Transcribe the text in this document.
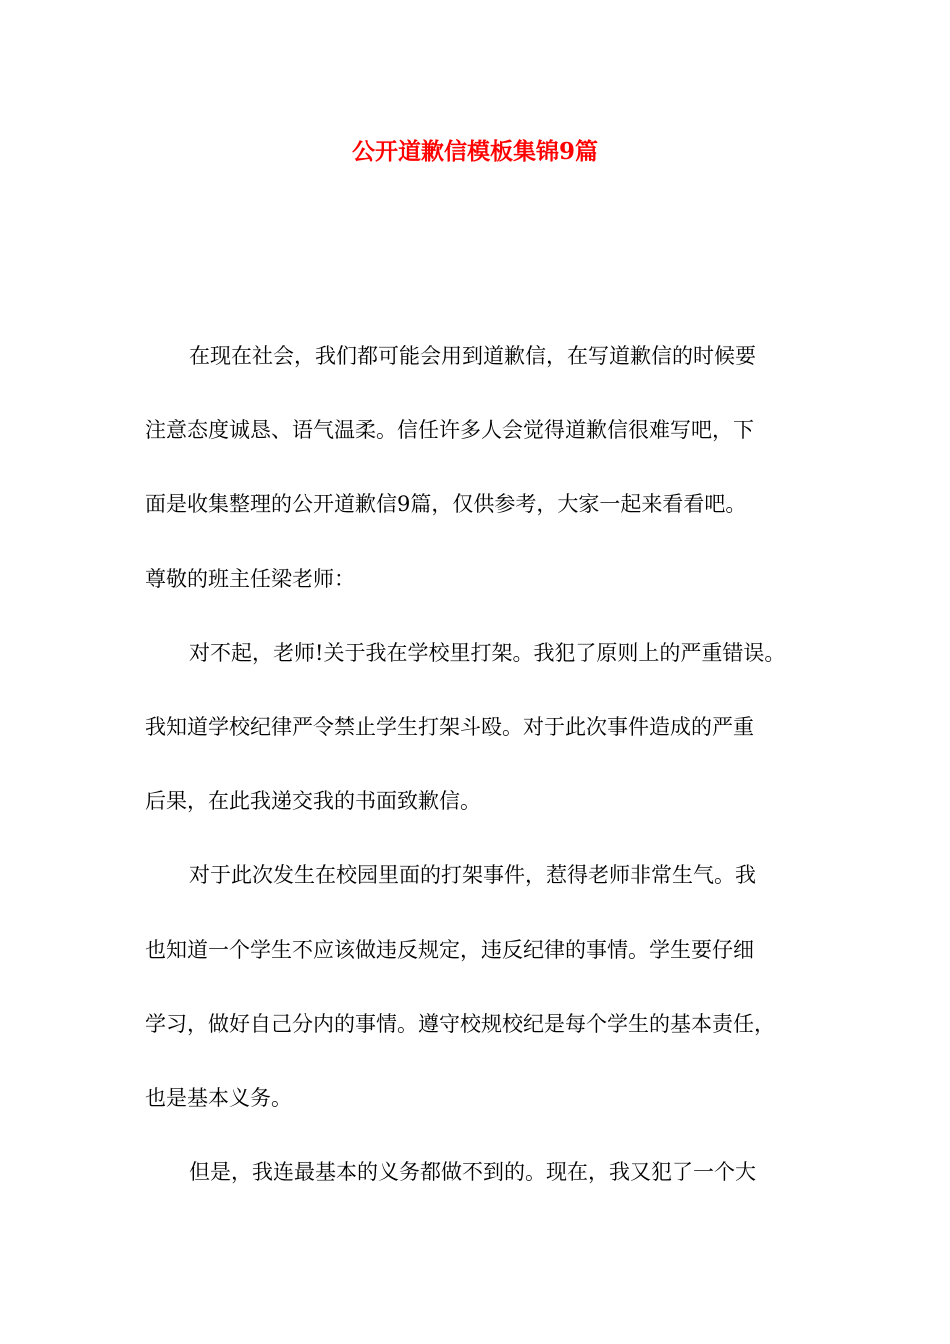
公开道歉信模板集锦9篇
在现在社会，我们都可能会用到道歉信，在写道歉信的时候要
注意态度诚恳、语气温柔。信任许多人会觉得道歉信很难写吧，下
面是收集整理的公开道歉信9篇，仅供参考，大家一起来看看吧。
尊敬的班主任梁老师：
对不起，老师!关于我在学校里打架。我犯了原则上的严重错误。
我知道学校纪律严令禁止学生打架斗殴。对于此次事件造成的严重
后果，在此我递交我的书面致歉信。
对于此次发生在校园里面的打架事件，惹得老师非常生气。我
也知道一个学生不应该做违反规定，违反纪律的事情。学生要仔细
学习，做好自己分内的事情。遵守校规校纪是每个学生的基本责任，
也是基本义务。
但是，我连最基本的义务都做不到的。现在，我又犯了一个大
